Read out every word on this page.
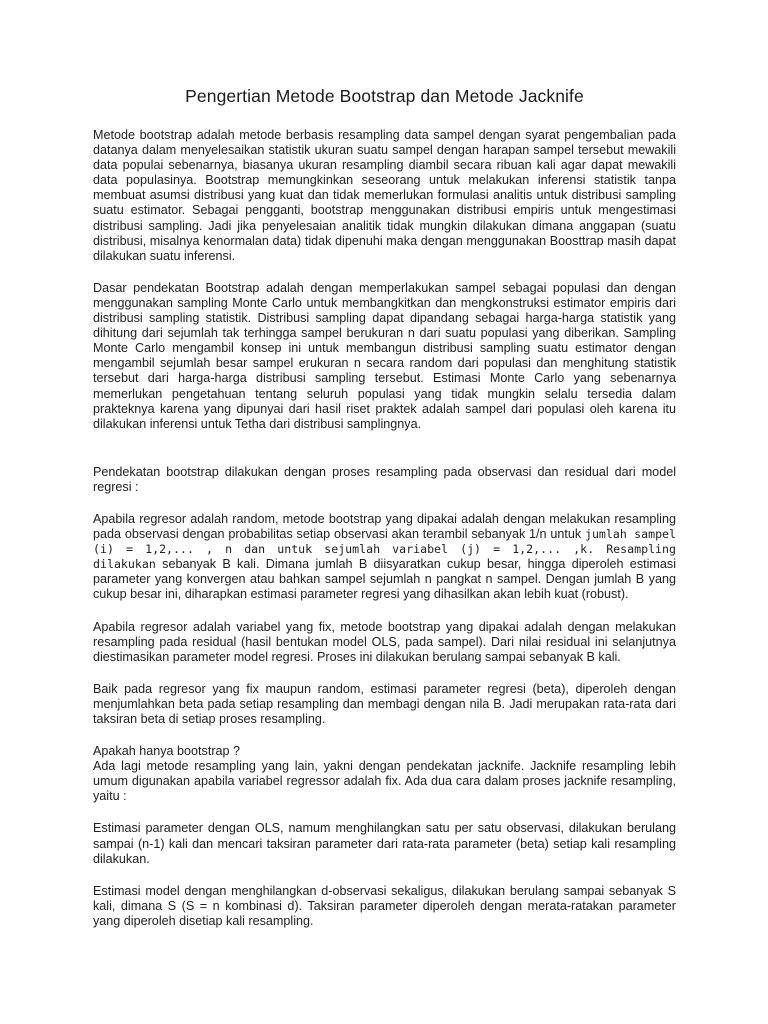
Pengertian Metode Bootstrap dan Metode Jacknife

Metode bootstrap adalah metode berbasis resampling data sampel dengan syarat pengembalian pada datanya dalam menyelesaikan statistik ukuran suatu sampel dengan harapan sampel tersebut mewakili data populai sebenarnya, biasanya ukuran resampling diambil secara ribuan kali agar dapat mewakili data populasinya. Bootstrap memungkinkan seseorang untuk melakukan inferensi statistik tanpa membuat asumsi distribusi yang kuat dan tidak memerlukan formulasi analitis untuk distribusi sampling suatu estimator. Sebagai pengganti, bootstrap menggunakan distribusi empiris untuk mengestimasi distribusi sampling. Jadi jika penyelesaian analitik tidak mungkin dilakukan dimana anggapan (suatu distribusi, misalnya kenormalan data) tidak dipenuhi maka dengan menggunakan Boosttrap masih dapat dilakukan suatu inferensi.

Dasar pendekatan Bootstrap adalah dengan memperlakukan sampel sebagai populasi dan dengan menggunakan sampling Monte Carlo untuk membangkitkan dan mengkonstruksi estimator empiris dari distribusi sampling statistik. Distribusi sampling dapat dipandang sebagai harga-harga statistik yang dihitung dari sejumlah tak terhingga sampel berukuran n dari suatu populasi yang diberikan. Sampling Monte Carlo mengambil konsep ini untuk membangun distribusi sampling suatu estimator dengan mengambil sejumlah besar sampel erukuran n secara random dari populasi dan menghitung statistik tersebut dari harga-harga distribusi sampling tersebut. Estimasi Monte Carlo yang sebenarnya memerlukan pengetahuan tentang seluruh populasi yang tidak mungkin selalu tersedia dalam prakteknya karena yang dipunyai dari hasil riset praktek adalah sampel dari populasi oleh karena itu dilakukan inferensi untuk Tetha dari distribusi samplingnya.

Pendekatan bootstrap dilakukan dengan proses resampling pada observasi dan residual dari model regresi :

Apabila regresor adalah random, metode bootstrap yang dipakai adalah dengan melakukan resampling pada observasi dengan probabilitas setiap observasi akan terambil sebanyak 1/n untuk jumlah sampel (i) = 1,2,... , n dan untuk sejumlah variabel (j) = 1,2,... ,k. Resampling dilakukan sebanyak B kali. Dimana jumlah B diisyaratkan cukup besar, hingga diperoleh estimasi parameter yang konvergen atau bahkan sampel sejumlah n pangkat n sampel. Dengan jumlah B yang cukup besar ini, diharapkan estimasi parameter regresi yang dihasilkan akan lebih kuat (robust).

Apabila regresor adalah variabel yang fix, metode bootstrap yang dipakai adalah dengan melakukan resampling pada residual (hasil bentukan model OLS, pada sampel). Dari nilai residual ini selanjutnya diestimasikan parameter model regresi. Proses ini dilakukan berulang sampai sebanyak B kali.

Baik pada regresor yang fix maupun random, estimasi parameter regresi (beta), diperoleh dengan menjumlahkan beta pada setiap resampling dan membagi dengan nila B. Jadi merupakan rata-rata dari taksiran beta di setiap proses resampling.

Apakah hanya bootstrap ?
Ada lagi metode resampling yang lain, yakni dengan pendekatan jacknife. Jacknife resampling lebih umum digunakan apabila variabel regressor adalah fix. Ada dua cara dalam proses jacknife resampling, yaitu :

Estimasi parameter dengan OLS, namum menghilangkan satu per satu observasi, dilakukan berulang sampai (n-1) kali dan mencari taksiran parameter dari rata-rata parameter (beta) setiap kali resampling dilakukan.

Estimasi model dengan menghilangkan d-observasi sekaligus, dilakukan berulang sampai sebanyak S kali, dimana S (S = n kombinasi d). Taksiran parameter diperoleh dengan merata-ratakan parameter yang diperoleh disetiap kali resampling.
